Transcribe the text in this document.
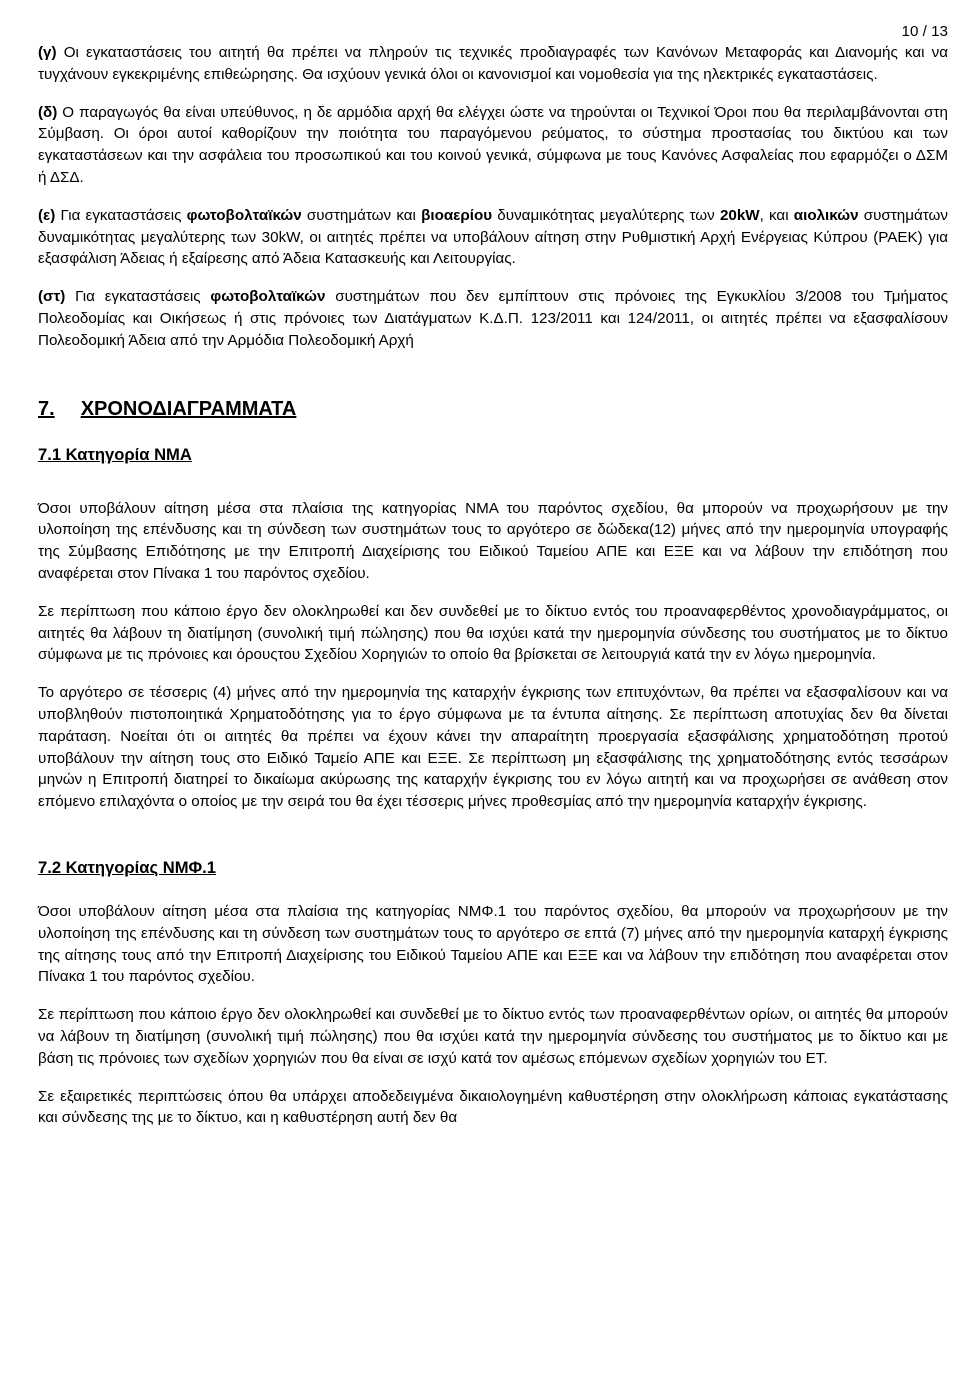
10 / 13

(γ) Οι εγκαταστάσεις του αιτητή θα πρέπει να πληρούν τις τεχνικές προδιαγραφές των Κανόνων Μεταφοράς και Διανομής και να τυγχάνουν εγκεκριμένης επιθεώρησης. Θα ισχύουν γενικά όλοι οι κανονισμοί και νομοθεσία για της ηλεκτρικές εγκαταστάσεις.

(δ) Ο παραγωγός θα είναι υπεύθυνος, η δε αρμόδια αρχή θα ελέγχει ώστε να τηρούνται οι Τεχνικοί Όροι που θα περιλαμβάνονται στη Σύμβαση. Οι όροι αυτοί καθορίζουν την ποιότητα του παραγόμενου ρεύματος, το σύστημα προστασίας του δικτύου και των εγκαταστάσεων και την ασφάλεια του προσωπικού και του κοινού γενικά, σύμφωνα με τους Κανόνες Ασφαλείας που εφαρμόζει ο ΔΣΜ ή ΔΣΔ.

(ε) Για εγκαταστάσεις φωτοβολταϊκών συστημάτων και βιοαερίου δυναμικότητας μεγαλύτερης των 20kW, και αιολικών συστημάτων δυναμικότητας μεγαλύτερης των 30kW, οι αιτητές πρέπει να υποβάλουν αίτηση στην Ρυθμιστική Αρχή Ενέργειας Κύπρου (ΡΑΕΚ) για εξασφάλιση Άδειας ή εξαίρεσης από Άδεια Κατασκευής και Λειτουργίας.

(στ) Για εγκαταστάσεις φωτοβολταϊκών συστημάτων που δεν εμπίπτουν στις πρόνοιες της Εγκυκλίου 3/2008 του Τμήματος Πολεοδομίας και Οικήσεως ή στις πρόνοιες των Διατάγματων Κ.Δ.Π. 123/2011 και 124/2011, οι αιτητές πρέπει να εξασφαλίσουν Πολεοδομική Άδεια από την Αρμόδια Πολεοδομική Αρχή

7. ΧΡΟΝΟΔΙΑΓΡΑΜΜΑΤΑ
7.1 Κατηγορία ΝΜΑ

Όσοι υποβάλουν αίτηση μέσα στα πλαίσια της κατηγορίας ΝΜΑ του παρόντος σχεδίου, θα μπορούν να προχωρήσουν με την υλοποίηση της επένδυσης και τη σύνδεση των συστημάτων τους το αργότερο σε δώδεκα(12) μήνες από την ημερομηνία υπογραφής της Σύμβασης Επιδότησης με την Επιτροπή Διαχείρισης του Ειδικού Ταμείου ΑΠΕ και ΕΞΕ και να λάβουν την επιδότηση που αναφέρεται στον Πίνακα 1 του παρόντος σχεδίου.

Σε περίπτωση που κάποιο έργο δεν ολοκληρωθεί και δεν συνδεθεί με το δίκτυο εντός του προαναφερθέντος χρονοδιαγράμματος, οι αιτητές θα λάβουν τη διατίμηση (συνολική τιμή πώλησης) που θα ισχύει κατά την ημερομηνία σύνδεσης του συστήματος με το δίκτυο σύμφωνα με τις πρόνοιες και όρουςτου Σχεδίου Χορηγιών το οποίο θα βρίσκεται σε λειτουργιά κατά την εν λόγω ημερομηνία.

Το αργότερο σε τέσσερις (4) μήνες από την ημερομηνία της καταρχήν έγκρισης των επιτυχόντων, θα πρέπει να εξασφαλίσουν και να υποβληθούν πιστοποιητικά Χρηματοδότησης για το έργο σύμφωνα με τα έντυπα αίτησης. Σε περίπτωση αποτυχίας δεν θα δίνεται παράταση. Νοείται ότι οι αιτητές θα πρέπει να έχουν κάνει την απαραίτητη προεργασία εξασφάλισης χρηματοδότηση προτού υποβάλουν την αίτηση τους στο Ειδικό Ταμείο ΑΠΕ και ΕΞΕ. Σε περίπτωση μη εξασφάλισης της χρηματοδότησης εντός τεσσάρων μηνών η Επιτροπή διατηρεί το δικαίωμα ακύρωσης της καταρχήν έγκρισης του εν λόγω αιτητή και να προχωρήσει σε ανάθεση στον επόμενο επιλαχόντα ο οποίος με την σειρά του θα έχει τέσσερις μήνες προθεσμίας από την ημερομηνία καταρχήν έγκρισης.

7.2 Κατηγορίας ΝΜΦ.1

Όσοι υποβάλουν αίτηση μέσα στα πλαίσια της κατηγορίας ΝΜΦ.1 του παρόντος σχεδίου, θα μπορούν να προχωρήσουν με την υλοποίηση της επένδυσης και τη σύνδεση των συστημάτων τους το αργότερο σε επτά (7) μήνες από την ημερομηνία καταρχή έγκρισης της αίτησης τους από την Επιτροπή Διαχείρισης του Ειδικού Ταμείου ΑΠΕ και ΕΞΕ και να λάβουν την επιδότηση που αναφέρεται στον Πίνακα 1 του παρόντος σχεδίου.

Σε περίπτωση που κάποιο έργο δεν ολοκληρωθεί και συνδεθεί με το δίκτυο εντός των προαναφερθέντων ορίων, οι αιτητές θα μπορούν να λάβουν τη διατίμηση (συνολική τιμή πώλησης) που θα ισχύει κατά την ημερομηνία σύνδεσης του συστήματος με το δίκτυο και με βάση τις πρόνοιες των σχεδίων χορηγιών που θα είναι σε ισχύ κατά τον αμέσως επόμενων σχεδίων χορηγιών του ΕΤ.

Σε εξαιρετικές περιπτώσεις όπου θα υπάρχει αποδεδειγμένα δικαιολογημένη καθυστέρηση στην ολοκλήρωση κάποιας εγκατάστασης και σύνδεσης της με το δίκτυο, και η καθυστέρηση αυτή δεν θα
